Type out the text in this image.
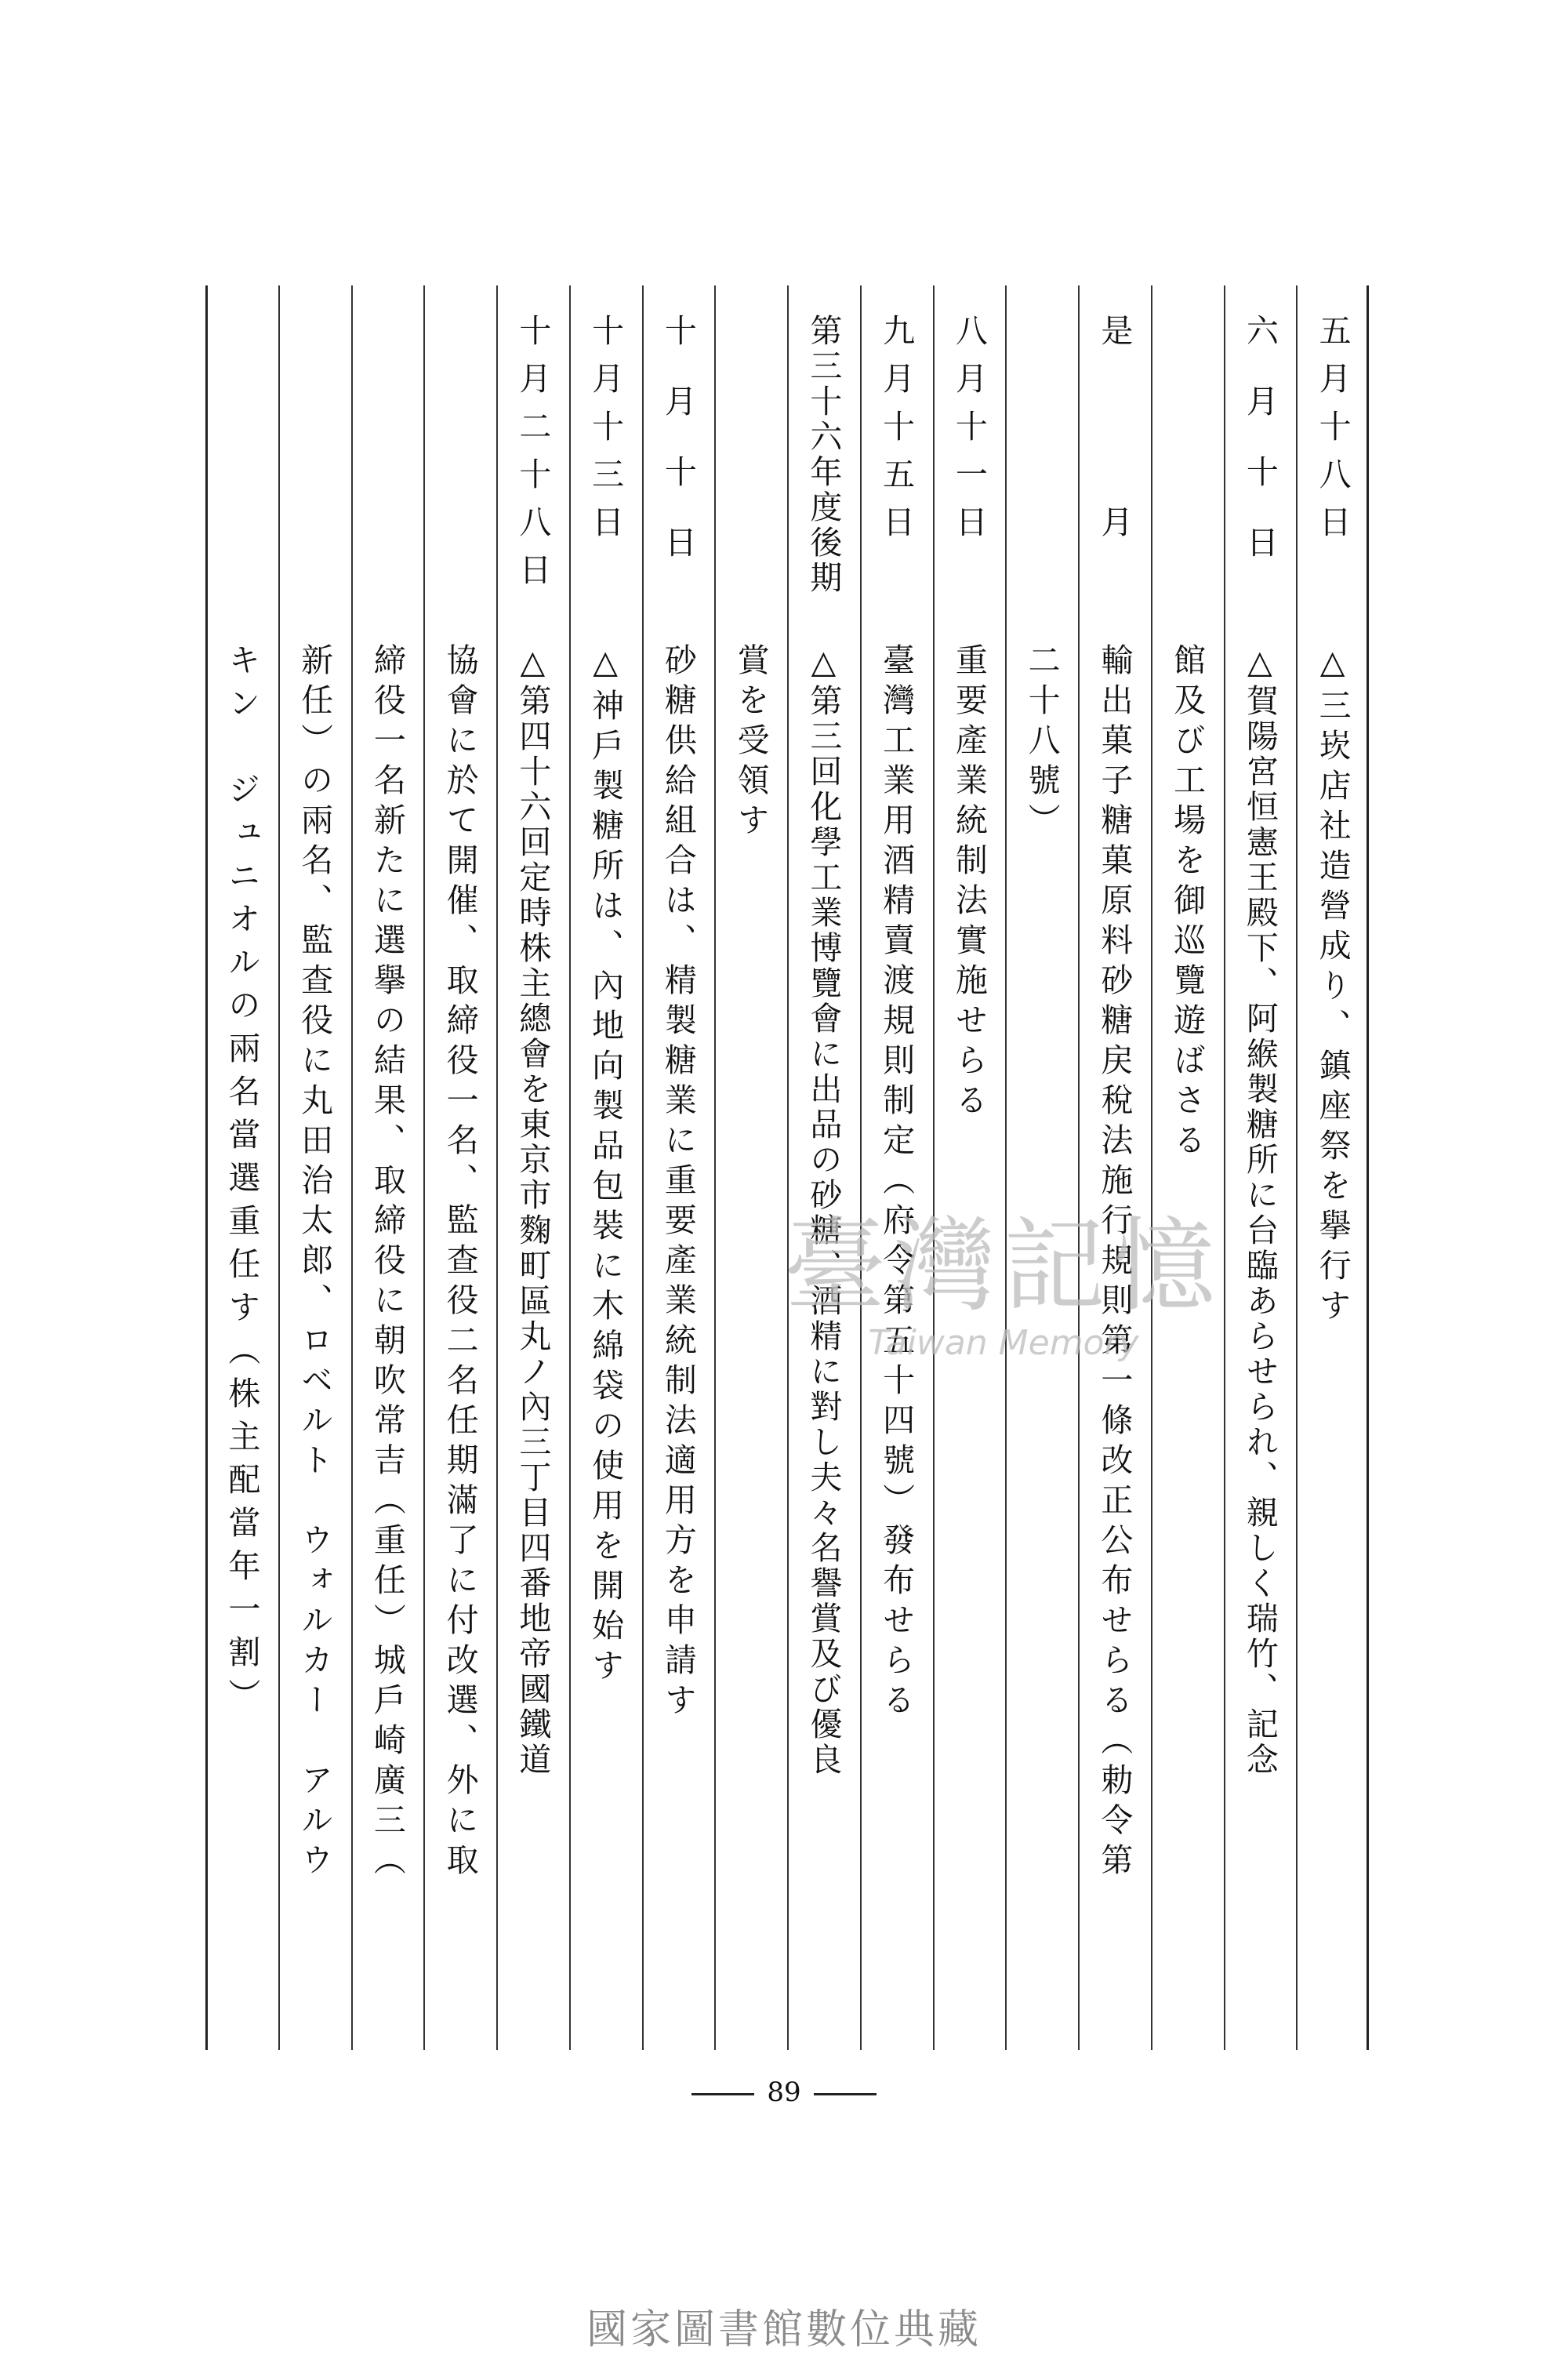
五月十八日
△三崁店社造營成り、鎮座祭を擧行す
六　月　十　日
△賀陽宮恒憲王殿下、阿緱製糖所に台臨あらせられ、親しく瑞竹、記念
館及び工場を御巡覽遊ばさる
是　　　月
輸出菓子糖菓原料砂糖戻稅法施行規則第一條改正公布せらる（勅令第
二十八號）
八月十一日
重要產業統制法實施せらる
九月十五日
臺灣工業用酒精賣渡規則制定（府令第五十四號）發布せらる
第三十六年度後期
△第三回化學工業博覽會に出品の砂糖、酒精に對し夫々名譽賞及び優良
賞を受領す
十　月　十　日
砂糖供給組合は、精製糖業に重要產業統制法適用方を申請す
十月十三日
△神戶製糖所は、內地向製品包裝に木綿袋の使用を開始す
十月二十八日
△第四十六回定時株主總會を東京市麴町區丸ノ內三丁目四番地帝國鐵道
協會に於て開催、取締役一名、監查役二名任期滿了に付改選、外に取
締役一名新たに選擧の結果、取締役に朝吹常吉（重任）城戶崎廣三（
新任）の兩名、監查役に丸田治太郎、ロベルト　ウォルカー　アルウ
キン　ジュニオルの兩名當選重任す（株主配當年一割）	臺灣記憶
Taiwan Memory
89
國家圖書館數位典藏
